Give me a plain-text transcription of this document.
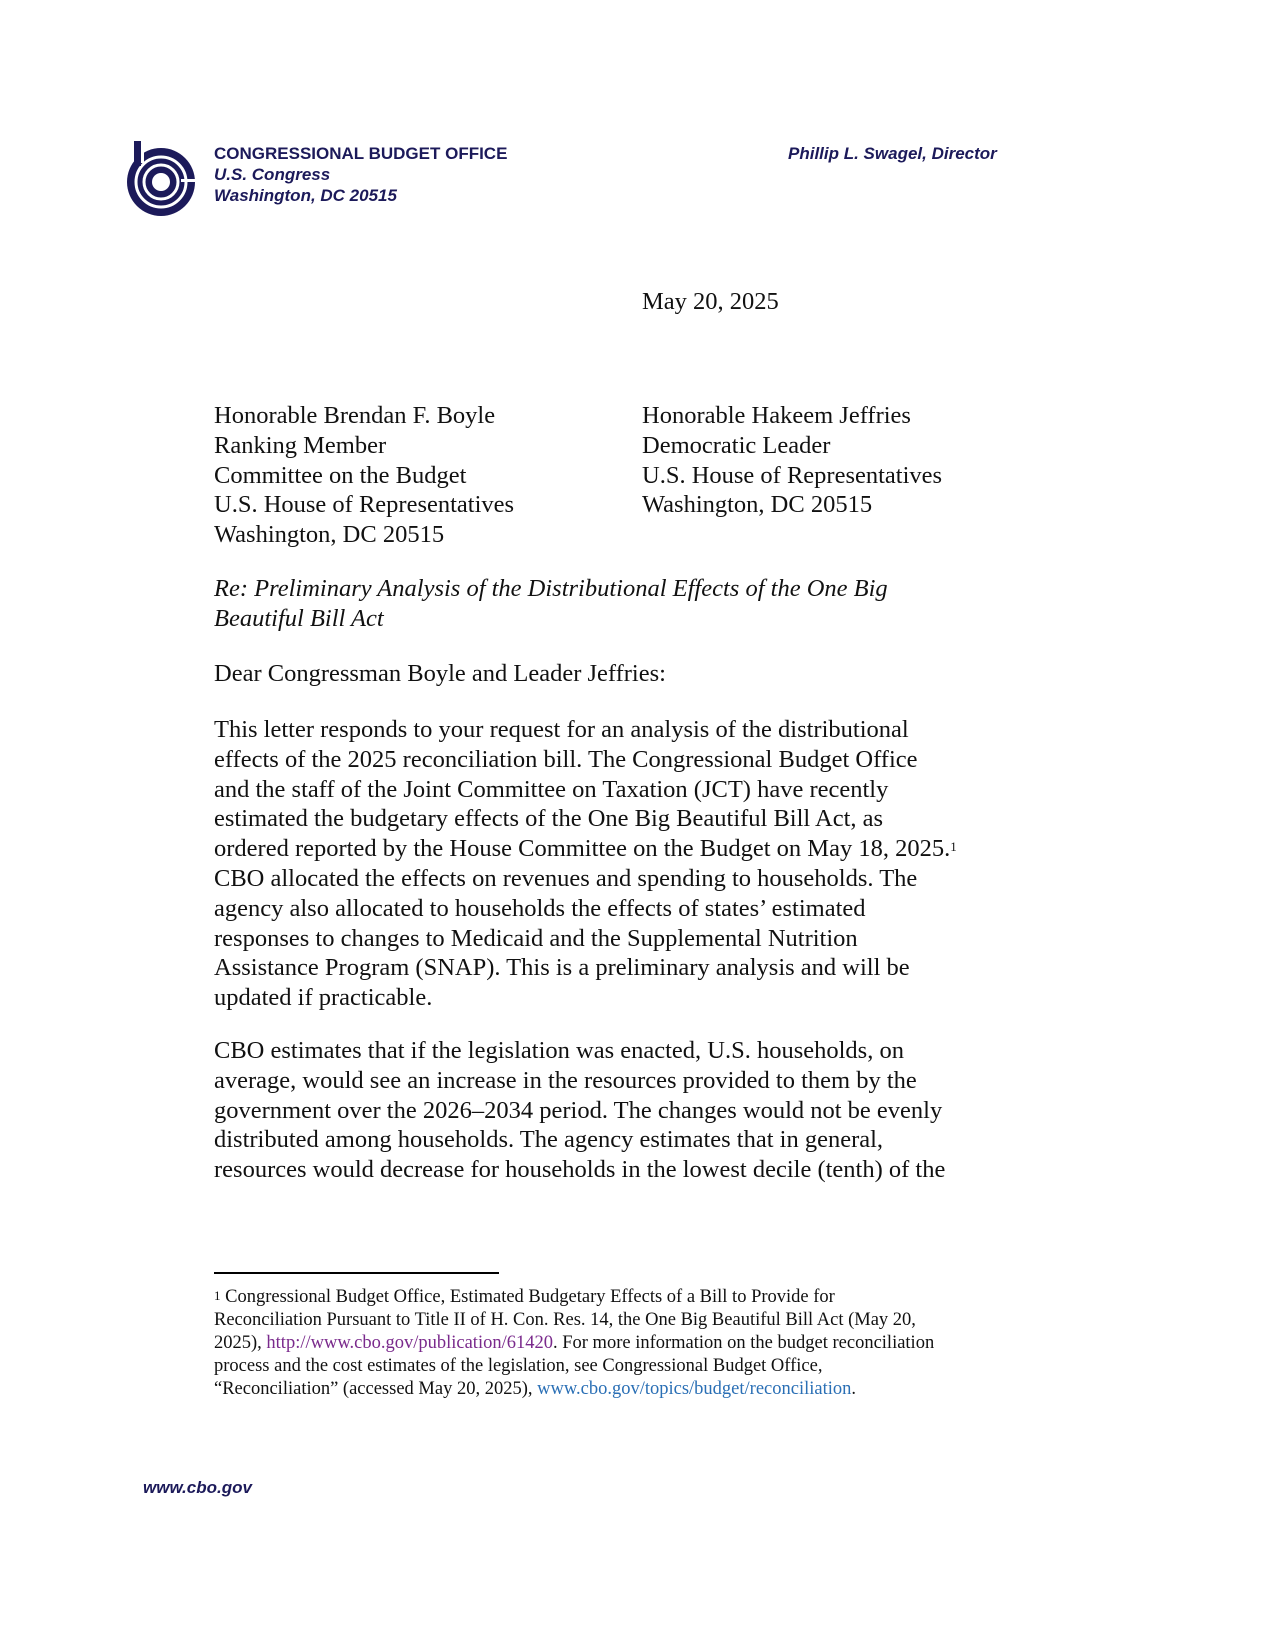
CONGRESSIONAL BUDGET OFFICE
U.S. Congress
Washington, DC 20515
Phillip L. Swagel, Director
May 20, 2025
Honorable Brendan F. Boyle
Ranking Member
Committee on the Budget
U.S. House of Representatives
Washington, DC 20515
Honorable Hakeem Jeffries
Democratic Leader
U.S. House of Representatives
Washington, DC 20515
Re: Preliminary Analysis of the Distributional Effects of the One Big
Beautiful Bill Act
Dear Congressman Boyle and Leader Jeffries:
This letter responds to your request for an analysis of the distributional
effects of the 2025 reconciliation bill. The Congressional Budget Office
and the staff of the Joint Committee on Taxation (JCT) have recently
estimated the budgetary effects of the One Big Beautiful Bill Act, as
ordered reported by the House Committee on the Budget on May 18, 2025.$^1$
CBO allocated the effects on revenues and spending to households. The
agency also allocated to households the effects of states’ estimated
responses to changes to Medicaid and the Supplemental Nutrition
Assistance Program (SNAP). This is a preliminary analysis and will be
updated if practicable.
CBO estimates that if the legislation was enacted, U.S. households, on
average, would see an increase in the resources provided to them by the
government over the 2026–2034 period. The changes would not be evenly
distributed among households. The agency estimates that in general,
resources would decrease for households in the lowest decile (tenth) of the
$^1$ Congressional Budget Office, Estimated Budgetary Effects of a Bill to Provide for
Reconciliation Pursuant to Title II of H. Con. Res. 14, the One Big Beautiful Bill Act (May 20,
2025), http://www.cbo.gov/publication/61420. For more information on the budget reconciliation
process and the cost estimates of the legislation, see Congressional Budget Office,
“Reconciliation” (accessed May 20, 2025), www.cbo.gov/topics/budget/reconciliation.
www.cbo.gov
